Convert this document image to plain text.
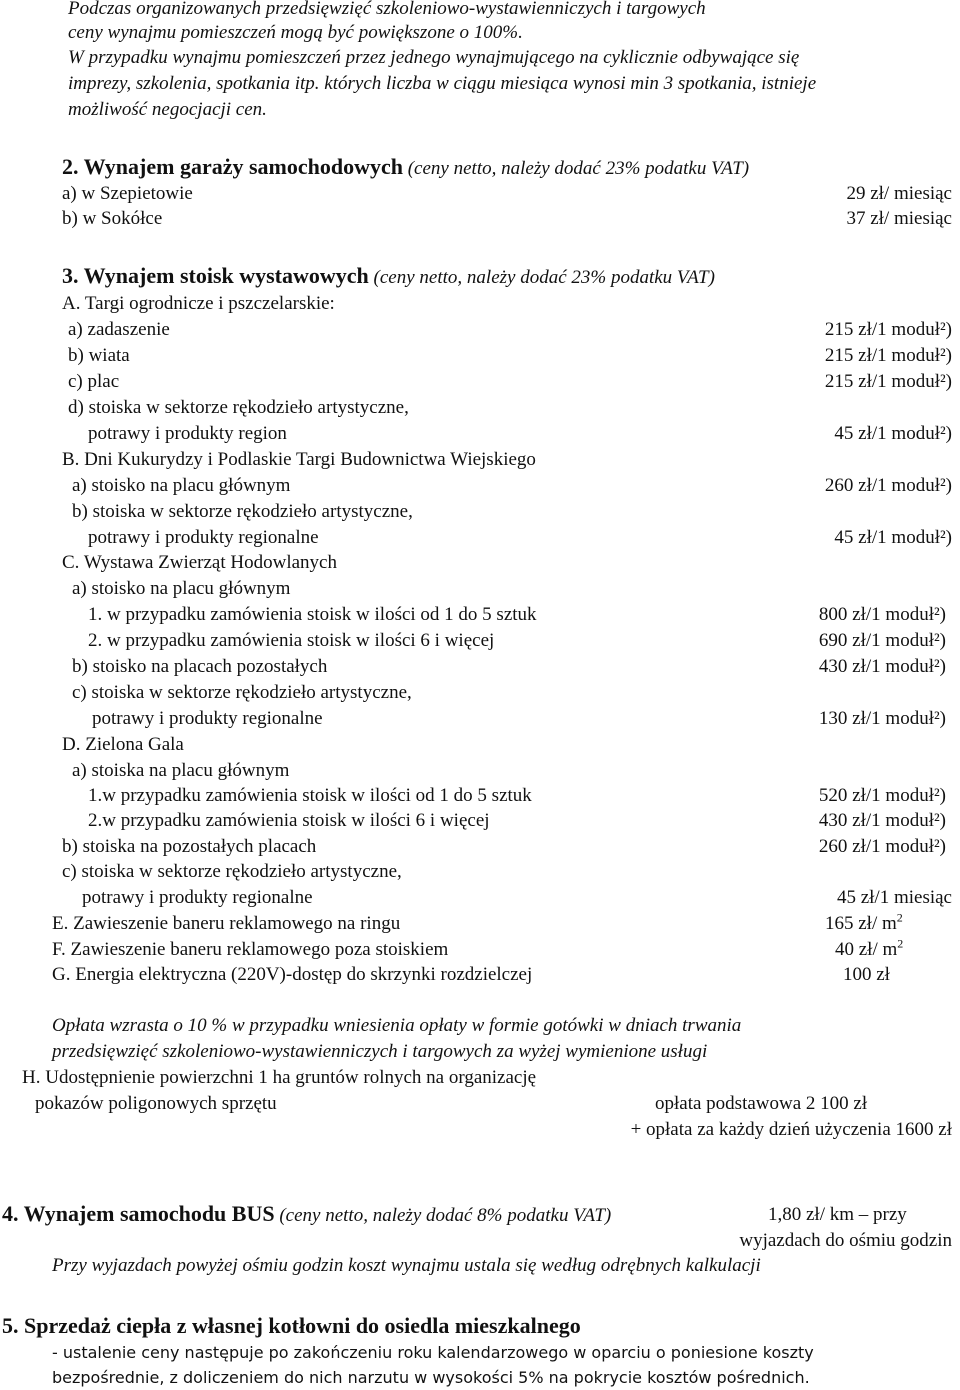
Podczas organizowanych przedsięwzięć szkoleniowo-wystawienniczych i targowych
ceny wynajmu pomieszczeń mogą być powiększone o 100%.
W przypadku wynajmu pomieszczeń przez jednego wynajmującego na cyklicznie odbywające się
imprezy, szkolenia, spotkania itp. których liczba w ciągu miesiąca wynosi min 3 spotkania, istnieje
możliwość negocjacji cen.
2. Wynajem garaży samochodowych (ceny netto, należy dodać 23% podatku VAT)
a) w Szepietowie	29 zł/ miesiąc
b) w Sokółce	37 zł/ miesiąc
3. Wynajem stoisk wystawowych (ceny netto, należy dodać 23% podatku VAT)
A. Targi ogrodnicze i pszczelarskie:
a) zadaszenie	215 zł/1 moduł²)
b) wiata	215 zł/1 moduł²)
c) plac	215 zł/1 moduł²)
d) stoiska w sektorze rękodzieło artystyczne,
potrawy i produkty region	45 zł/1 moduł²)
B. Dni Kukurydzy i Podlaskie Targi Budownictwa Wiejskiego
a) stoisko na placu głównym	260 zł/1 moduł²)
b) stoiska w sektorze rękodzieło artystyczne,
potrawy i produkty regionalne	45 zł/1 moduł²)
C. Wystawa Zwierząt Hodowlanych
a) stoisko na placu głównym
1. w przypadku zamówienia stoisk w ilości od 1 do 5 sztuk	800 zł/1 moduł²)
2. w przypadku zamówienia stoisk w ilości 6 i więcej	690 zł/1 moduł²)
b) stoisko na placach pozostałych	430 zł/1 moduł²)
c) stoiska w sektorze rękodzieło artystyczne,
potrawy i produkty regionalne	130 zł/1 moduł²)
D. Zielona Gala
a) stoiska na placu głównym
1.w przypadku zamówienia stoisk w ilości od 1 do 5 sztuk	520 zł/1 moduł²)
2.w przypadku zamówienia stoisk w ilości 6 i więcej	430 zł/1 moduł²)
b) stoiska na pozostałych placach	260 zł/1 moduł²)
c) stoiska w sektorze rękodzieło artystyczne,
potrawy i produkty regionalne	45 zł/1 miesiąc
E. Zawieszenie baneru reklamowego na ringu	165 zł/ $m^2$
F. Zawieszenie baneru reklamowego poza stoiskiem	40 zł/ $m^2$
G. Energia elektryczna (220V)-dostęp do skrzynki rozdzielczej	100 zł
Opłata wzrasta o 10 % w przypadku wniesienia opłaty w formie gotówki w dniach trwania
przedsięwzięć szkoleniowo-wystawienniczych i targowych za wyżej wymienione usługi
H. Udostępnienie powierzchni 1 ha gruntów rolnych na organizację
pokazów poligonowych sprzętu	opłata podstawowa 2 100 zł
+ opłata za każdy dzień użyczenia 1600 zł
4. Wynajem samochodu BUS (ceny netto, należy dodać 8% podatku VAT)	1,80 zł/ km – przy
wyjazdach do ośmiu godzin
Przy wyjazdach powyżej ośmiu godzin koszt wynajmu ustala się według odrębnych kalkulacji
5. Sprzedaż ciepła z własnej kotłowni do osiedla mieszkalnego
- ustalenie ceny następuje po zakończeniu roku kalendarzowego w oparciu o poniesione koszty
bezpośrednie, z doliczeniem do nich narzutu w wysokości 5% na pokrycie kosztów pośrednich.
